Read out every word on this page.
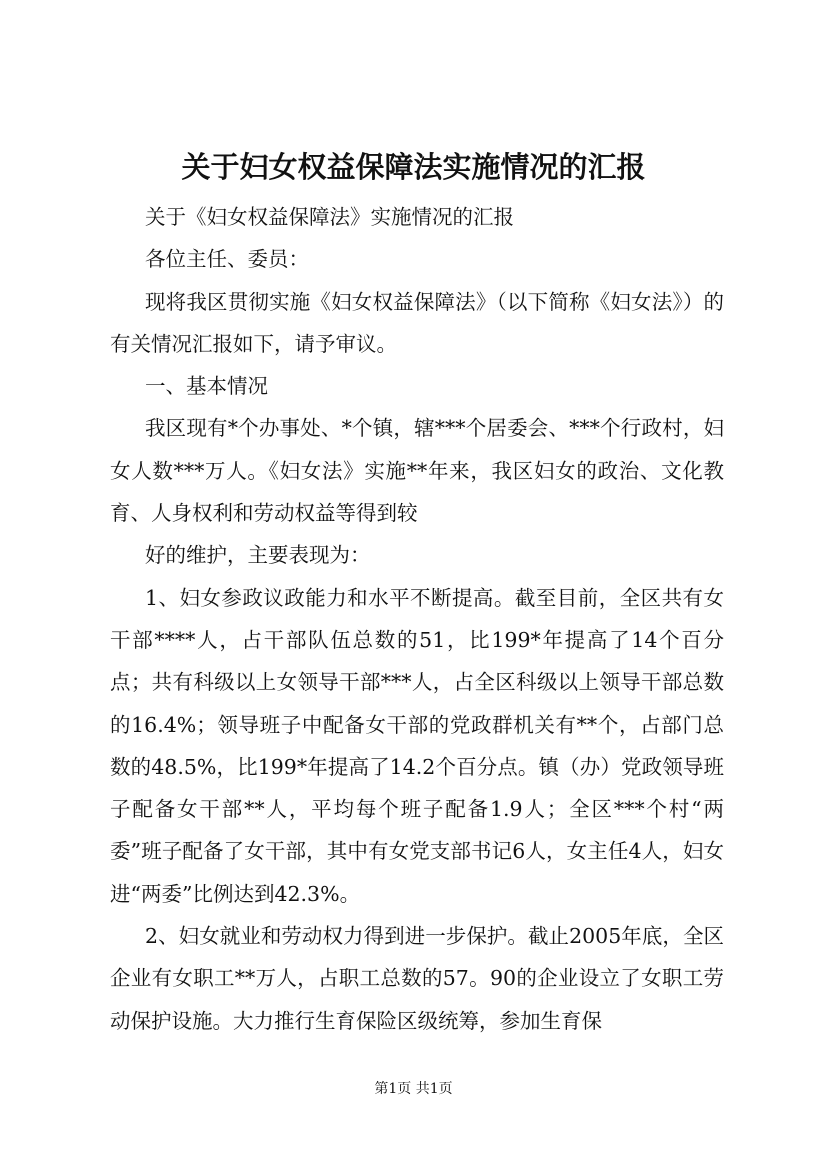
关于妇女权益保障法实施情况的汇报

关于《妇女权益保障法》实施情况的汇报

各位主任、委员：

现将我区贯彻实施《妇女权益保障法》（以下简称《妇女法》）的有关情况汇报如下，请予审议。

一、基本情况

我区现有*个办事处、*个镇，辖***个居委会、***个行政村，妇女人数***万人。《妇女法》实施**年来，我区妇女的政治、文化教育、人身权利和劳动权益等得到较

好的维护，主要表现为：

1、妇女参政议政能力和水平不断提高。截至目前，全区共有女干部****人，占干部队伍总数的51，比199*年提高了14个百分点；共有科级以上女领导干部***人，占全区科级以上领导干部总数的16.4%；领导班子中配备女干部的党政群机关有**个，占部门总数的48.5%，比199*年提高了14.2个百分点。镇（办）党政领导班子配备女干部**人，平均每个班子配备1.9人；全区***个村“两委”班子配备了女干部，其中有女党支部书记6人，女主任4人，妇女进“两委”比例达到42.3%。

2、妇女就业和劳动权力得到进一步保护。截止2005年底，全区企业有女职工**万人，占职工总数的57。90的企业设立了女职工劳动保护设施。大力推行生育保险区级统筹，参加生育保

第1页 共1页
